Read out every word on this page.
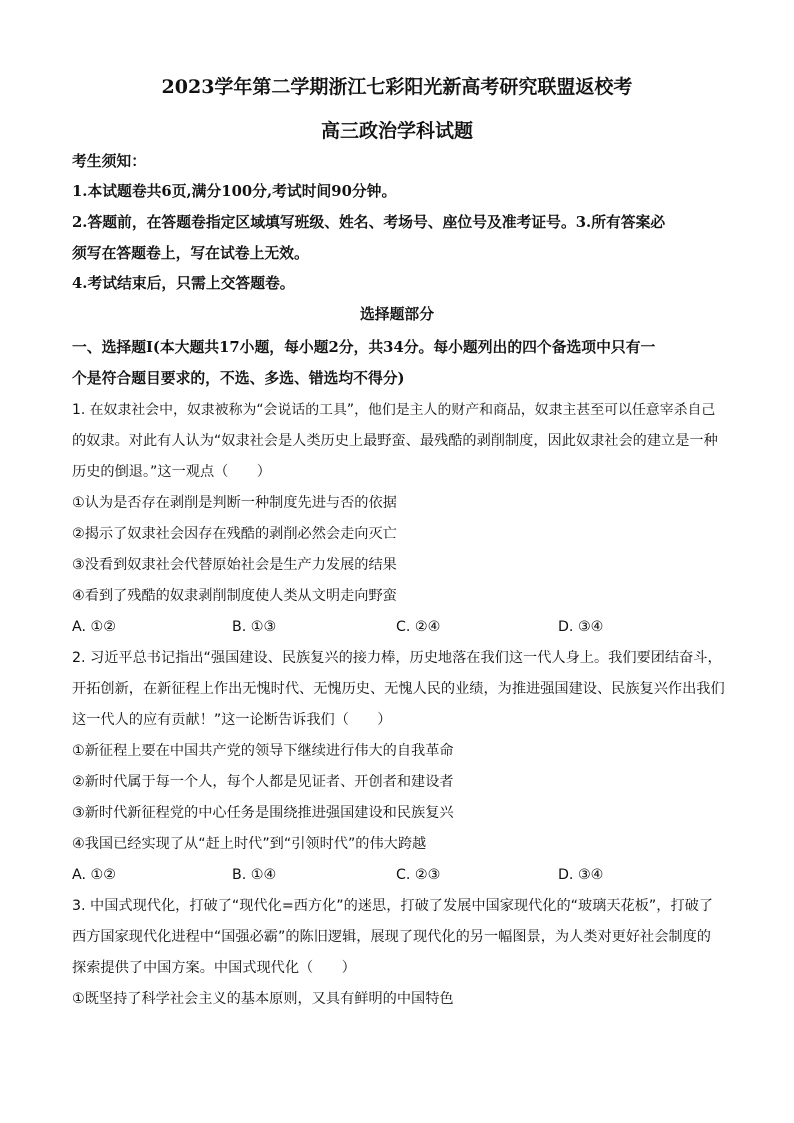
2023学年第二学期浙江七彩阳光新高考研究联盟返校考
高三政治学科试题
考生须知：
1.本试题卷共6页,满分100分,考试时间90分钟。
2.答题前，在答题卷指定区域填写班级、姓名、考场号、座位号及准考证号。3.所有答案必
须写在答题卷上，写在试卷上无效。
4.考试结束后，只需上交答题卷。
选择题部分
一、选择题Ⅰ(本大题共17小题，每小题2分，共34分。每小题列出的四个备选项中只有一
个是符合题目要求的，不选、多选、错选均不得分)
1. 在奴隶社会中，奴隶被称为“会说话的工具”，他们是主人的财产和商品，奴隶主甚至可以任意宰杀自己
的奴隶。对此有人认为“奴隶社会是人类历史上最野蛮、最残酷的剥削制度，因此奴隶社会的建立是一种
历史的倒退。”这一观点（　　）
①认为是否存在剥削是判断一种制度先进与否的依据
②揭示了奴隶社会因存在残酷的剥削必然会走向灭亡
③没看到奴隶社会代替原始社会是生产力发展的结果
④看到了残酷的奴隶剥削制度使人类从文明走向野蛮
A. ①②	B. ①③	C. ②④	D. ③④
2. 习近平总书记指出“强国建设、民族复兴的接力棒，历史地落在我们这一代人身上。我们要团结奋斗，
开拓创新，在新征程上作出无愧时代、无愧历史、无愧人民的业绩，为推进强国建设、民族复兴作出我们
这一代人的应有贡献！”这一论断告诉我们（　　）
①新征程上要在中国共产党的领导下继续进行伟大的自我革命
②新时代属于每一个人，每个人都是见证者、开创者和建设者
③新时代新征程党的中心任务是围绕推进强国建设和民族复兴
④我国已经实现了从“赶上时代”到“引领时代”的伟大跨越
A. ①②	B. ①④	C. ②③	D. ③④
3. 中国式现代化，打破了“现代化=西方化”的迷思，打破了发展中国家现代化的“玻璃天花板”，打破了
西方国家现代化进程中“国强必霸”的陈旧逻辑，展现了现代化的另一幅图景，为人类对更好社会制度的
探索提供了中国方案。中国式现代化（　　）
①既坚持了科学社会主义的基本原则，又具有鲜明的中国特色
